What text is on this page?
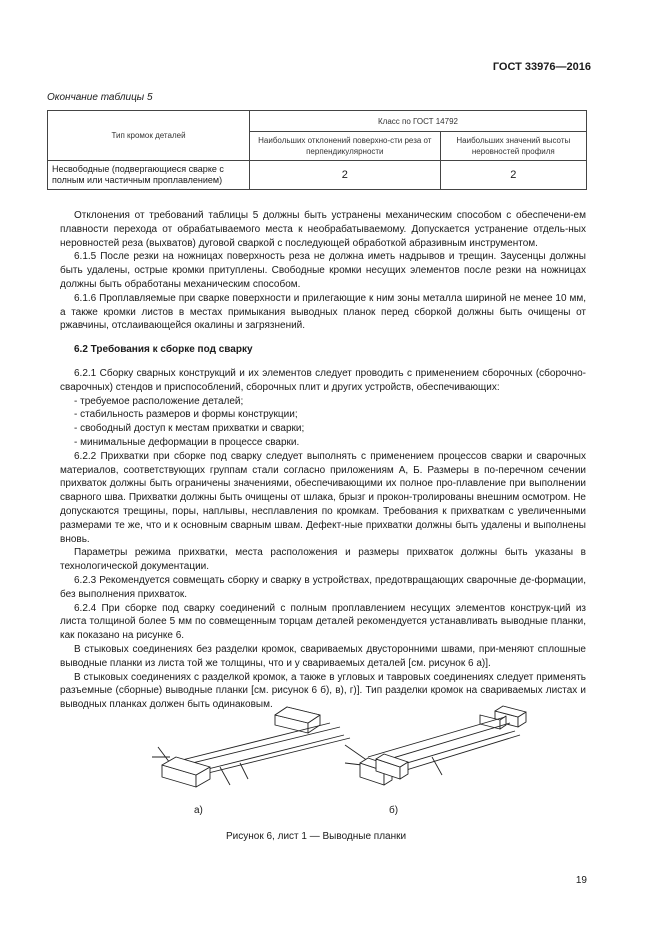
ГОСТ 33976—2016
Окончание таблицы 5
Тип кромок деталей	Класс по ГОСТ 14792	
	Наибольших отклонений поверхно-сти реза от перпендикулярности	Наибольших значений высоты неровностей профиля
Несвободные (подвергающиеся сварке с полным или частичным проплавлением)	2	2

Отклонения от требований таблицы 5 должны быть устранены механическим способом с обеспечени-ем плавности перехода от обрабатываемого места к необрабатываемому. Допускается устранение отдель-ных неровностей реза (выхватов) дуговой сваркой с последующей обработкой абразивным инструментом.

6.1.5 После резки на ножницах поверхность реза не должна иметь надрывов и трещин. Заусенцы должны быть удалены, острые кромки притуплены. Свободные кромки несущих элементов после резки на ножницах должны быть обработаны механическим способом.

6.1.6 Проплавляемые при сварке поверхности и прилегающие к ним зоны металла шириной не менее 10 мм, а также кромки листов в местах примыкания выводных планок перед сборкой должны быть очищены от ржавчины, отслаивающейся окалины и загрязнений.

6.2 Требования к сборке под сварку

6.2.1 Сборку сварных конструкций и их элементов следует проводить с применением сборочных (сборочно-сварочных) стендов и приспособлений, сборочных плит и других устройств, обеспечивающих:

- требуемое расположение деталей;

- стабильность размеров и формы конструкции;

- свободный доступ к местам прихватки и сварки;

- минимальные деформации в процессе сварки.

6.2.2 Прихватки при сборке под сварку следует выполнять с применением процессов сварки и сварочных материалов, соответствующих группам стали согласно приложениям А, Б. Размеры в по-перечном сечении прихваток должны быть ограничены значениями, обеспечивающими их полное про-плавление при выполнении сварного шва. Прихватки должны быть очищены от шлака, брызг и прокон-тролированы внешним осмотром. Не допускаются трещины, поры, наплывы, несплавления по кромкам. Требования к прихваткам с увеличенными размерами те же, что и к основным сварным швам. Дефект-ные прихватки должны быть удалены и выполнены вновь.

Параметры режима прихватки, места расположения и размеры прихваток должны быть указаны в технологической документации.

6.2.3 Рекомендуется совмещать сборку и сварку в устройствах, предотвращающих сварочные де-формации, без выполнения прихваток.

6.2.4 При сборке под сварку соединений с полным проплавлением несущих элементов конструк-ций из листа толщиной более 5 мм по совмещенным торцам деталей рекомендуется устанавливать выводные планки, как показано на рисунке 6.

В стыковых соединениях без разделки кромок, свариваемых двусторонними швами, при-меняют сплошные выводные планки из листа той же толщины, что и у свариваемых деталей [см. рисунок 6 а)].

В стыковых соединениях с разделкой кромок, а также в угловых и тавровых соединениях следует применять разъемные (сборные) выводные планки [см. рисунок 6 б), в), г)]. Тип разделки кромок на свариваемых листах и выводных планках должен быть одинаковым.

а)	б)
Рисунок 6, лист 1 — Выводные планки
19
